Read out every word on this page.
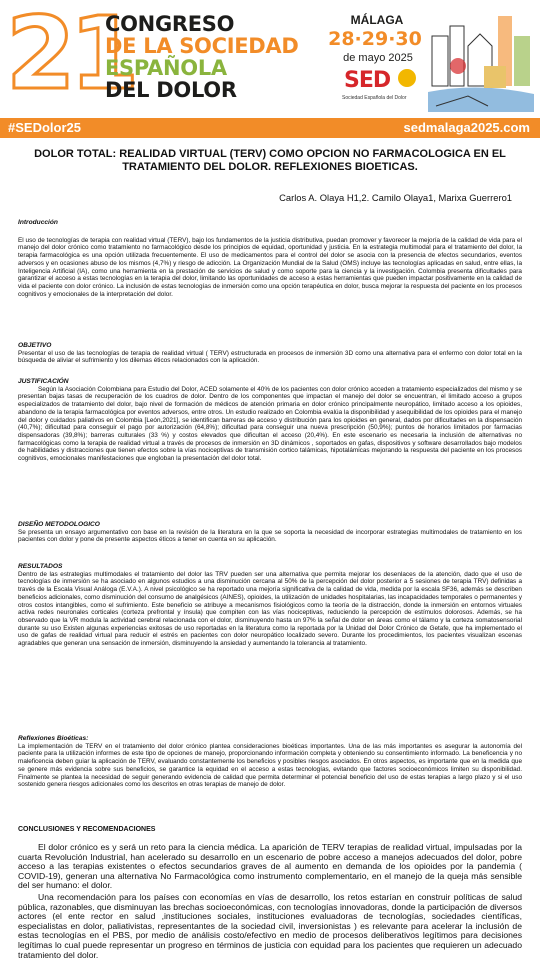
21
CONGRESO
DE LA SOCIEDAD
ESPAÑOLA
DEL DOLOR
MÁLAGA
28·29·30
de mayo 2025
SED
Sociedad Española del Dolor
#SEDolor25	sedmalaga2025.com
DOLOR TOTAL: REALIDAD VIRTUAL (TERV) COMO OPCION NO FARMACOLOGICA EN EL TRATAMIENTO DEL DOLOR. REFLEXIONES BIOETICAS.
Carlos A. Olaya H1,2. Camilo Olaya1, Marixa Guerrero1

Introducción

El uso de tecnologías de terapia con realidad virtual (TERV), bajo los fundamentos de la justicia distributiva, puedan promover y favorecer la mejoría de la calidad de vida para el manejo del dolor crónico como tratamiento no farmacológico desde los principios de equidad, oportunidad y justicia. En la estrategia multimodal para el tratamiento del dolor, la terapia farmacológica es una opción utilizada frecuentemente. El uso de medicamentos para el control del dolor se asocia con la presencia de efectos secundarios, eventos adversos y en ocasiones abuso de los mismos (4,7%) y riesgo de adicción. La Organización Mundial de la Salud (OMS) incluye las tecnologías aplicadas en salud, entre ellas, la Inteligencia Artificial (IA), como una herramienta en la prestación de servicios de salud y como soporte para la ciencia y la investigación. Colombia presenta dificultades para garantizar el acceso a estas tecnologías en la terapia del dolor, limitando las oportunidades de acceso a estas herramientas que pueden impactar positivamente en la calidad de vida el paciente con dolor crónico. La inclusión de estas tecnologías de inmersión como una opción terapéutica en dolor, busca mejorar la respuesta del paciente en los procesos cognitivos y emocionales de la interpretación del dolor.

OBJETIVO

Presentar el uso de las tecnologías de terapia de realidad virtual ( TERV) estructurada en procesos de inmersión 3D como una alternativa para el enfermo con dolor total en la búsqueda de aliviar el sufrimiento y los dilemas éticos relacionados con la aplicación.

JUSTIFICACIÓN

Según la Asociación Colombiana para Estudio del Dolor, ACED solamente el 40% de los pacientes con dolor crónico acceden a tratamiento especializados del mismo y se presentan bajas tasas de recuperación de los cuadros de dolor. Dentro de los componentes que impactan el manejo del dolor se encuentran, el limitado acceso a grupos especializados de tratamiento del dolor, bajo nivel de formación de médicos de atención primaria en dolor crónico principalmente neuropático, limitado acceso a los opioides, abandono de la terapia farmacológica por eventos adversos, entre otros. Un estudio realizado en Colombia evalúa la disponibilidad y asequibilidad de los opioides para el manejo del dolor y cuidados paliativos en Colombia [León,2021], se identifican barreras de acceso y distribución para los opioides en general, dados por dificultades en la dispensación (40,7%); dificultad para conseguir el pago por autorización (64,8%); dificultad para conseguir una nueva prescripción (50,9%); puntos de horarios limitados por farmacias dispensadoras (39,8%); barreras culturales (33 %) y costos elevados que dificultan el acceso (20,4%). En este escenario es necesaria la inclusión de alternativas no farmacológicas como la terapia de realidad virtual a través de procesos de inmersión en 3D dinámicos , soportados en gafas, dispositivos y software desarrollados bajo modelos de habilidades y distracciones que tienen efectos sobre la vías nociceptivas de transmisión cortico talámicas, hipotalámicas mejorando la respuesta del paciente en los procesos cognitivos, emocionales manifestaciones que engloban la presentación del dolor total.

DISEÑO METODOLOGICO

Se presenta un ensayo argumentativo con base en la revisión de la literatura en la que se soporta la necesidad de incorporar estrategias multimodales de tratamiento en los pacientes con dolor y pone de presente aspectos éticos a tener en cuenta en su aplicación.

RESULTADOS

Dentro de las estrategias multimodales el tratamiento del dolor las TRV pueden ser una alternativa que permita mejorar los desenlaces de la atención, dado que el uso de tecnologías de inmersión se ha asociado en algunos estudios a una disminución cercana al 50% de la percepción del dolor posterior a 5 sesiones de terapia TRV) definidas a través de la Escala Visual Análoga (E.V.A.). A nivel psicológico se ha reportado una mejoría significativa de la calidad de vida, medida por la escala SF36, además se describen beneficios adicionales, como disminución del consumo de analgésicos (AINES), opioides, la utilización de unidades hospitalarias, las incapacidades temporales o permanentes y otros costos intangibles, como el sufrimiento. Este beneficio se atribuye a mecanismos fisiológicos como la teoría de la distracción, donde la inmersión en entornos virtuales activa redes neuronales corticales (corteza prefrontal y ínsula) que compiten con las vías nociceptivas, reduciendo la percepción de estímulos dolorosos. Además, se ha observado que la VR modula la actividad cerebral relacionada con el dolor, disminuyendo hasta un 97% la señal de dolor en áreas como el tálamo y la corteza somatosensorial durante su uso Existen algunas experiencias exitosas de uso reportadas en la literatura como la reportada por la Unidad del Dolor Crónico de Getafe, que ha implementado el uso de gafas de realidad virtual para reducir el estrés en pacientes con dolor neuropático localizado severo. Durante los procedimientos, los pacientes visualizan escenas agradables que generan una sensación de inmersión, disminuyendo la ansiedad y aumentando la tolerancia al tratamiento.

Reflexiones Bioéticas:

La implementación de TERV en el tratamiento del dolor crónico plantea consideraciones bioéticas importantes. Una de las más importantes es asegurar la autonomía del paciente para la utilización informes de este tipo de opciones de manejo, proporcionando información completa y obteniendo su consentimiento informado. La beneficencia y no maleficencia deben guiar la aplicación de TERV, evaluando constantemente los beneficios y posibles riesgos asociados. En otros aspectos, es importante que en la medida que se genere más evidencia sobre sus beneficios, se garantice la equidad en el acceso a estas tecnologías, evitando que factores socioeconómicos limiten su disponibilidad. Finalmente se plantea la necesidad de seguir generando evidencia de calidad que permita determinar el potencial beneficio del uso de estas terapias a largo plazo y si el uso sostenido genera riesgos adicionales como los descritos en otras terapias de manejo de dolor.

CONCLUSIONES Y RECOMENDACIONES

El dolor crónico es y será un reto para la ciencia médica. La aparición de TERV terapias de realidad virtual, impulsadas por la cuarta Revolución Industrial, han acelerado su desarrollo en un escenario de pobre acceso a manejos adecuados del dolor, pobre acceso a las terapias existentes o efectos secundarios graves de al aumento en demanda de los opioides por la pandemia ( COVID-19), generan una alternativa No Farmacológica como instrumento complementario, en el manejo de la queja más sensible del ser humano: el dolor.

Una recomendación para los países con economías en vías de desarrollo, los retos estarían en construir políticas de salud pública, razonables, que disminuyan las brechas socioeconómicas, con tecnologías innovadoras, donde la participación de diversos actores (el ente rector en salud ,instituciones sociales, instituciones evaluadoras de tecnologías, sociedades científicas, especialistas en dolor, paliativistas, representantes de la sociedad civil, inversionistas ) es relevante para acelerar la inclusión de estas tecnologías en el PBS, por medio de análisis costo/efectivo en medio de procesos deliberativos legítimos para decisiones legítimas lo cual puede representar un progreso en términos de justicia con equidad para los pacientes que requieren un adecuado tratamiento del dolor.
